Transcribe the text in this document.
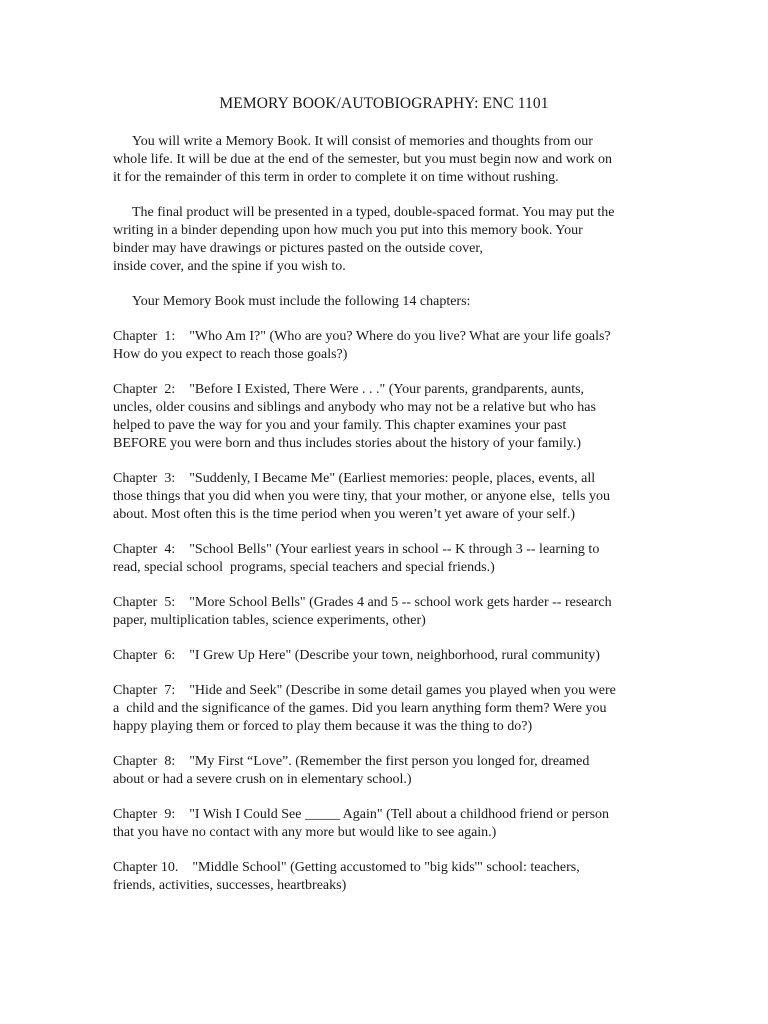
MEMORY BOOK/AUTOBIOGRAPHY: ENC 1101
You will write a Memory Book. It will consist of memories and thoughts from our
whole life. It will be due at the end of the semester, but you must begin now and work on
it for the remainder of this term in order to complete it on time without rushing.
The final product will be presented in a typed, double-spaced format. You may put the
writing in a binder depending upon how much you put into this memory book. Your
binder may have drawings or pictures pasted on the outside cover,
inside cover, and the spine if you wish to.
Your Memory Book must include the following 14 chapters:
Chapter  1: "Who Am I?" (Who are you? Where do you live? What are your life goals?
How do you expect to reach those goals?)
Chapter  2: "Before I Existed, There Were . . ." (Your parents, grandparents, aunts,
uncles, older cousins and siblings and anybody who may not be a relative but who has
helped to pave the way for you and your family. This chapter examines your past
BEFORE you were born and thus includes stories about the history of your family.)
Chapter  3: "Suddenly, I Became Me" (Earliest memories: people, places, events, all
those things that you did when you were tiny, that your mother, or anyone else,  tells you
about. Most often this is the time period when you weren’t yet aware of your self.)
Chapter  4: "School Bells" (Your earliest years in school -- K through 3 -- learning to
read, special school  programs, special teachers and special friends.)
Chapter  5: "More School Bells" (Grades 4 and 5 -- school work gets harder -- research
paper, multiplication tables, science experiments, other)
Chapter  6: "I Grew Up Here" (Describe your town, neighborhood, rural community)
Chapter  7: "Hide and Seek" (Describe in some detail games you played when you were
a  child and the significance of the games. Did you learn anything form them? Were you
happy playing them or forced to play them because it was the thing to do?)
Chapter  8: "My First “Love”. (Remember the first person you longed for, dreamed
about or had a severe crush on in elementary school.)
Chapter  9: "I Wish I Could See _____ Again" (Tell about a childhood friend or person
that you have no contact with any more but would like to see again.)
Chapter 10. "Middle School" (Getting accustomed to "big kids'" school: teachers,
friends, activities, successes, heartbreaks)
